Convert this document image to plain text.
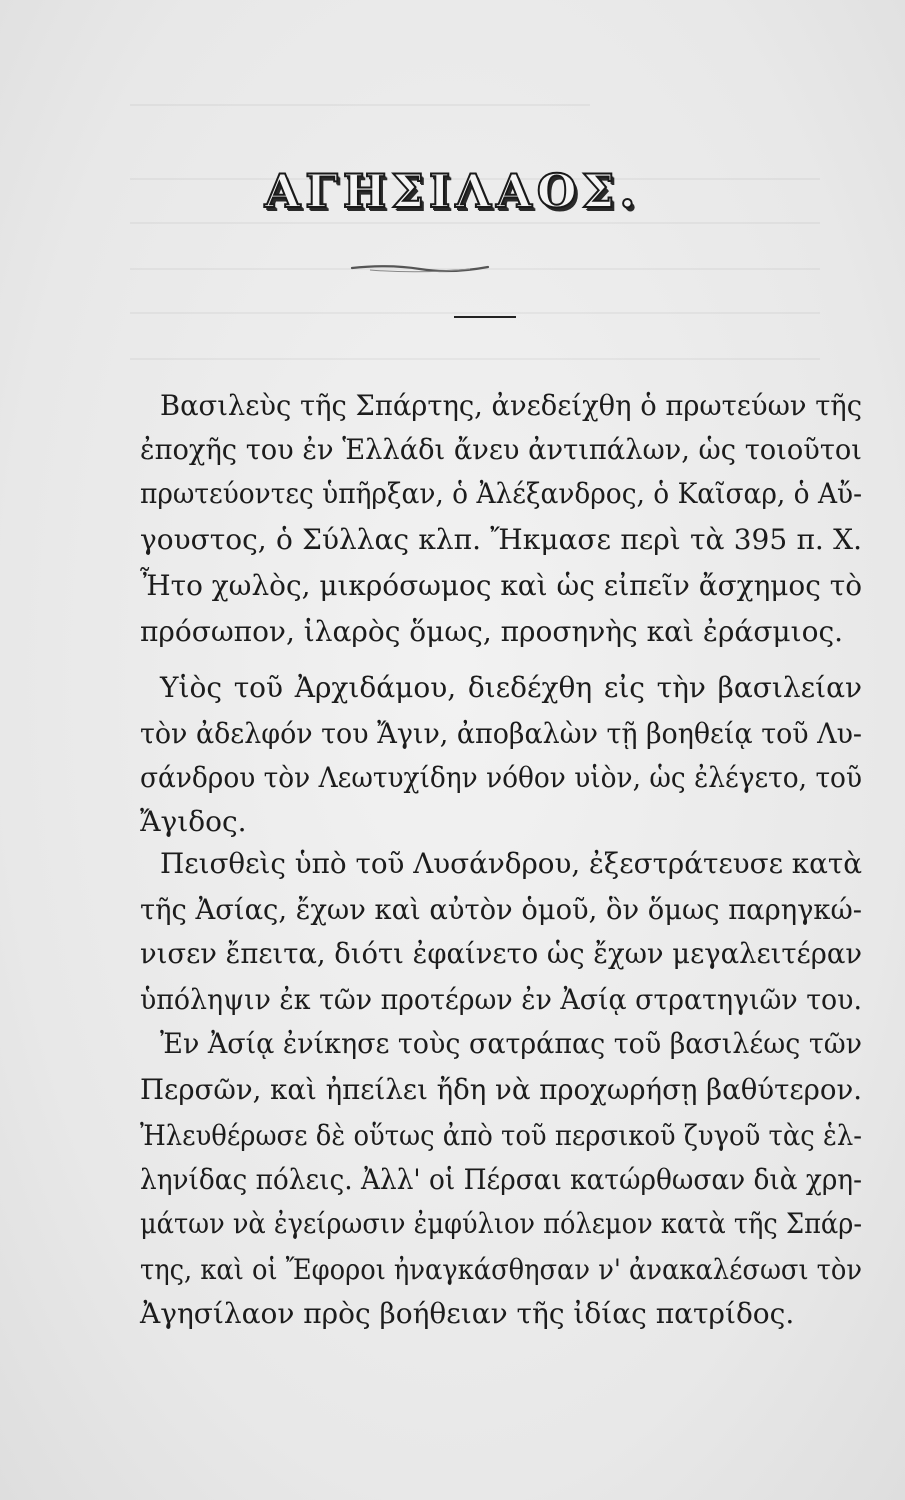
ΑΓΗΣΙΛΑΟΣ.
Βασιλεὺς τῆς Σπάρτης, ἀνεδείχθη ὁ πρωτεύων τῆς
ἐποχῆς του ἐν Ἑλλάδι ἄνευ ἀντιπάλων, ὡς τοιοῦτοι
πρωτεύοντες ὑπῆρξαν, ὁ Ἀλέξανδρος, ὁ Καῖσαρ, ὁ Αὔ-
γουστος, ὁ Σύλλας κλπ. Ἤκμασε περὶ τὰ 395 π. Χ.
Ἦτο χωλὸς, μικρόσωμος καὶ ὡς εἰπεῖν ἄσχημος τὸ
πρόσωπον, ἱλαρὸς ὅμως, προσηνὴς καὶ ἐράσμιος.
Υἱὸς τοῦ Ἀρχιδάμου, διεδέχθη εἰς τὴν βασιλείαν
τὸν ἀδελφόν του Ἄγιν, ἀποβαλὼν τῇ βοηθείᾳ τοῦ Λυ-
σάνδρου τὸν Λεωτυχίδην νόθον υἱὸν, ὡς ἐλέγετο, τοῦ
Ἄγιδος.
Πεισθεὶς ὑπὸ τοῦ Λυσάνδρου, ἐξεστράτευσε κατὰ
τῆς Ἀσίας, ἔχων καὶ αὐτὸν ὁμοῦ, ὃν ὅμως παρηγκώ-
νισεν ἔπειτα, διότι ἐφαίνετο ὡς ἔχων μεγαλειτέραν
ὑπόληψιν ἐκ τῶν προτέρων ἐν Ἀσίᾳ στρατηγιῶν του.
Ἐν Ἀσίᾳ ἐνίκησε τοὺς σατράπας τοῦ βασιλέως τῶν
Περσῶν, καὶ ἠπείλει ἤδη νὰ προχωρήσῃ βαθύτερον.
Ἠλευθέρωσε δὲ οὕτως ἀπὸ τοῦ περσικοῦ ζυγοῦ τὰς ἑλ-
ληνίδας πόλεις. Ἀλλ' οἱ Πέρσαι κατώρθωσαν διὰ χρη-
μάτων νὰ ἐγείρωσιν ἐμφύλιον πόλεμον κατὰ τῆς Σπάρ-
της, καὶ οἱ Ἔφοροι ἠναγκάσθησαν ν' ἀνακαλέσωσι τὸν
Ἀγησίλαον πρὸς βοήθειαν τῆς ἰδίας πατρίδος.
